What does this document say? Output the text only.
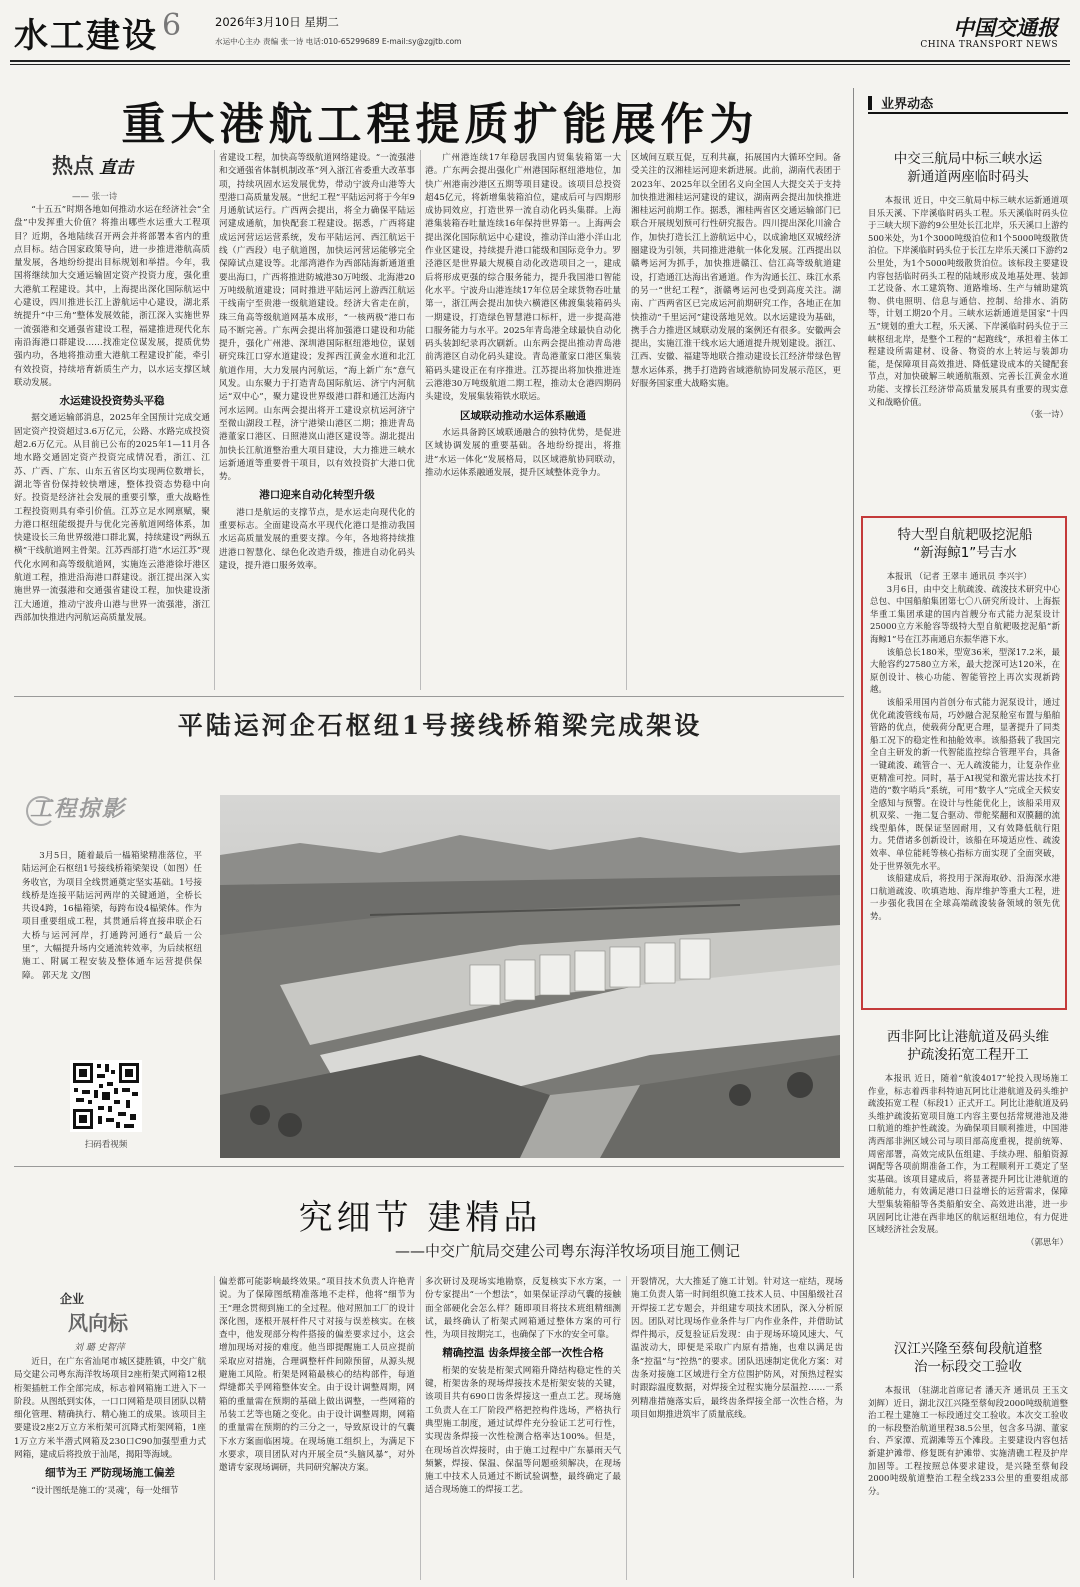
水工建设 6	2026年3月10日 星期二
水运中心主办 责编 张一诗 电话:010-65299689 E-mail:sy@zgjtb.com
中国交通报
CHINA TRANSPORT NEWS
重大港航工程提质扩能展作为
热点 直击
—— 张一诗

“十五五”时期各地如何推动水运在经济社会“全盘”中发挥重大价值？将推出哪些水运重大工程项目？近期，各地陆续召开两会并将部署本省内的重点目标。结合国家政策导向，进一步推进港航高质量发展，各地纷纷提出目标规划和举措。今年，我国将继续加大交通运输固定资产投资力度，强化重大港航工程建设。其中，上海提出深化国际航运中心建设，四川推进长江上游航运中心建设，湖北系统提升“中三角”整体发展效能，浙江深入实施世界一流强港和交通强省建设工程，福建推进现代化东南沿海港口群建设……找准定位谋发展，提质优势强内功，各地将推动重大港航工程建设扩能，牵引有效投资，持续培育新质生产力，以水运支撑区域联动发展。

水运建设投资势头平稳

据交通运输部消息，2025年全国预计完成交通固定资产投资超过3.6万亿元，公路、水路完成投资超2.6万亿元。从目前已公布的2025年1—11月各地水路交通固定资产投资完成情况看，浙江、江苏、广西、广东、山东五省区均实现两位数增长，湖北等省份保持较快增速，整体投资态势稳中向好。投资是经济社会发展的重要引擎，重大战略性工程投资则具有牵引价值。江苏立足水网禀赋，聚力港口枢纽能级提升与优化完善航道网络体系，加快建设长三角世界级港口群北翼，持续建设“两纵五横”干线航道网主骨架。江苏西部打造“水运江苏”现代化水网和高等级航道网，实施连云港港徐圩港区航道工程，推进沿海港口群建设。浙江提出深入实施世界一流强港和交通强省建设工程，加快建设浙江大通道，推动宁波舟山港与世界一流强港，浙江西部加快推进内河航运高质量发展。

省建设工程，加快高等级航道网络建设。“一流强港和交通强省体制机制改革”列入浙江省委重大改革事项，持续巩固水运发展优势，带动宁波舟山港等大型港口高质量发展。“世纪工程”平陆运河将于今年9月通航试运行。广西两会提出，将全力确保平陆运河建成通航，加快配套工程建设。据悉，广西将建成运河营运运营系统，发布平陆运河、西江航运干线（广西段）电子航道图，加快运河营运能够完全保障试点建设等。北部湾港作为西部陆海新通道重要出海口，广西将推进防城港30万吨级、北海港20万吨级航道建设；同时推进平陆运河上游西江航运干线南宁至贵港一级航道建设。经济大省走在前，珠三角高等级航道网基本成形，“一核两极”港口布局不断完善。广东两会提出将加强港口建设和功能提升，强化广州港、深圳港国际枢纽港地位，谋划研究珠江口穿水道建设；发挥西江黄金水道和北江航道作用，大力发展内河航运，“海上新广东”意气风发。山东聚力于打造青岛国际航运、济宁内河航运“双中心”，聚力建设世界级港口群和通江达海内河水运网。山东两会提出将开工建设京杭运河济宁至微山湖段工程，济宁港梁山港区二期；推进青岛港董家口港区、日照港岚山港区建设等。湖北提出加快长江航道整治重大项目建设，大力推进三峡水运新通道等重要骨干项目，以有效投资扩大港口优势。

港口迎来自动化转型升级

港口是航运的支撑节点，是水运走向现代化的重要标志。全面建设高水平现代化港口是推动我国水运高质量发展的重要支撑。今年，各地将持续推进港口智慧化、绿色化改造升级，推进自动化码头建设，提升港口服务效率。

广州港连续17年稳居我国内贸集装箱第一大港。广东两会提出强化广州港国际枢纽港地位，加快广州港南沙港区五期等项目建设。该项目总投资超45亿元，将新增集装箱泊位，建成后可与四期形成协同效应，打造世界一流自动化码头集群。上海港集装箱吞吐量连续16年保持世界第一。上海两会提出深化国际航运中心建设，推动洋山港小洋山北作业区建设，持续提升港口能级和国际竞争力。罗泾港区是世界最大规模自动化改造项目之一，建成后将形成更强的综合服务能力，提升我国港口智能化水平。宁波舟山港连续17年位居全球货物吞吐量第一，浙江两会提出加快六横港区佛渡集装箱码头一期建设，打造绿色智慧港口标杆，进一步提高港口服务能力与水平。2025年青岛港全球最快自动化码头装卸纪录再次刷新。山东两会提出推动青岛港前湾港区自动化码头建设。青岛港董家口港区集装箱码头建设正在有序推进。江苏提出将加快推进连云港港30万吨级航道二期工程，推动太仓港四期码头建设，发展集装箱铁水联运。

区域联动推动水运体系融通

水运具备跨区域联通融合的独特优势，是促进区域协调发展的重要基础。各地纷纷提出，将推进“水运一体化”发展格局，以区域港航协同联动，推动水运体系融通发展，提升区域整体竞争力。

区域间互联互促，互利共赢，拓展国内大循环空间。备受关注的汉湘桂运河迎来新进展。此前，湖南代表团于2023年、2025年以全团名义向全国人大提交关于支持加快推进湘桂运河建设的建议，湖南两会提出加快推进湘桂运河前期工作。据悉，湘桂两省区交通运输部门已联合开展规划预可行性研究报告。四川提出深化川渝合作，加快打造长江上游航运中心，以成渝地区双城经济圈建设为引领，共同推进港航一体化发展。江西提出以赣粤运河为抓手，加快推进赣江、信江高等级航道建设，打造通江达海出省通道。作为沟通长江、珠江水系的另一“世纪工程”，浙赣粤运河也受到高度关注。湖南、广西两省区已完成运河前期研究工作，各地正在加快推动“千里运河”建设落地见效。以水运建设为基础，携手合力推进区域联动发展的案例还有很多。安徽两会提出，实施江淮干线水运大通道提升规划建设。浙江、江西、安徽、福建等地联合推动建设长江经济带绿色智慧水运体系，携手打造跨省域港航协同发展示范区，更好服务国家重大战略实施。

业界动态
中交三航局中标三峡水运新通道两座临时码头

本报讯 近日，中交三航局中标三峡水运新通道项目乐天溪、下岸溪临时码头工程。乐天溪临时码头位于三峡大坝下游约9公里处长江北岸，乐天溪口上游约500米处，为1个3000吨级泊位和1个5000吨级散货泊位。下岸溪临时码头位于长江左岸乐天溪口下游约2公里处，为1个5000吨级散货泊位。该标段主要建设内容包括临时码头工程的陆域形成及地基处理、装卸工艺设备、水工建筑物、道路堆场、生产与辅助建筑物、供电照明、信息与通信、控制、给排水、消防等，计划工期20个月。三峡水运新通道是国家“十四五”规划的重大工程，乐天溪、下岸溪临时码头位于三峡枢纽北岸，是整个工程的“起跑线”，承担着主体工程建设所需建材、设备、物资的水上转运与装卸功能，是保障项目高效推进、降低建设成本的关键配套节点，对加快破解三峡通航瓶颈、完善长江黄金水道功能、支撑长江经济带高质量发展具有重要的现实意义和战略价值。

（张一诗）
特大型自航耙吸挖泥船
“新海鲸1”号吉水

本报讯 （记者 王翠丰 通讯员 李兴宇）

3月6日，由中交上航疏浚、疏浚技术研究中心总包、中国船舶集团第七〇八研究所设计、上海振华重工集团承建的国内首艘分布式能力泥泵设计25000立方米舱容等级特大型自航耙吸挖泥船“新海鲸1”号在江苏南通启东振华港下水。

该船总长180米，型宽36米，型深17.2米，最大舱容约27580立方米，最大挖深可达120米，在原创设计、核心功能、智能管控上再次实现新跨越。

该船采用国内首创分布式能力泥泵设计，通过优化疏浚管线布局，巧妙融合泥泵舱室布置与船舶管路的优点，使载荷分配更合理，显著提升了同类船工况下的稳定性和抽舱效率。该船搭载了我国完全自主研发的新一代智能监控综合管理平台，具备一键疏浚、疏管合一、无人疏浚能力，让复杂作业更精准可控。同时，基于AI视觉和激光雷达技术打造的“数字哨兵”系统，可用“数字人”完成全天候安全感知与预警。在设计与性能优化上，该船采用双机双桨、一拖二复合驱动、带舵桨翻和双膜翻的流线型船体，既保证坚固耐用，又有效降低航行阻力。凭借诸多创新设计，该船在环境适应性、疏浚效率、单位能耗等核心指标方面实现了全面突破，处于世界领先水平。

该船建成后，将投用于深海取砂、沿海深水港口航道疏浚、吹填造地、海岸维护等重大工程，进一步强化我国在全球高端疏浚装备领域的领先优势。

西非阿比让港航道及码头维护疏浚拓宽工程开工

本报讯 近日，随着“航浚4017”轮投入现场施工作业，标志着西非科特迪瓦阿比让港航道及码头维护疏浚拓宽工程（标段1）正式开工。阿比让港航道及码头维护疏浚拓宽项目施工内容主要包括常规港池及港口航道的维护性疏浚。为确保项目顺利推进，中国港湾西部非洲区域公司与项目部高度重视，提前统筹、周密部署，高效完成队伍组建、手续办理、船舶资源调配等各项前期准备工作，为工程顺利开工奠定了坚实基础。该项目建成后，将显著提升阿比让港航道的通航能力，有效满足港口日益增长的运营需求，保障大型集装箱船等各类船舶安全、高效进出港，进一步巩固阿比让港在西非地区的航运枢纽地位，有力促进区域经济社会发展。

（郭思年）
汉江兴隆至蔡甸段航道整治一标段交工验收

本报讯 （驻湖北首席记者 潘天齐 通讯员 王玉文 刘辉）近日，湖北汉江兴隆至蔡甸段2000吨级航道整治工程土建施工一标段通过交工验收。本次交工验收的一标段整治航道里程38.5公里，包含多马湖、董家台、芦家潭、荒湖滩等五个滩段。主要建设内容包括新建护滩带、修复既有护滩带、实施清礁工程及护岸加固等。工程按照总体要求建设，是兴隆至蔡甸段2000吨级航道整治工程全线233公里的重要组成部分。

平陆运河企石枢纽1号接线桥箱梁完成架设
工程掠影

3月5日，随着最后一榀箱梁精准落位，平陆运河企石枢纽1号接线桥箱梁架设（如图）任务收官，为项目全线贯通奠定坚实基础。1号接线桥是连接平陆运河两岸的关键通道，全桥长共设4跨，16榀箱梁，每跨布设4榀梁体。作为项目重要组成工程，其贯通后将直接串联企石大桥与运河河岸，打通跨河通行“最后一公里”，大幅提升场内交通流转效率，为后续枢纽施工、附属工程安装及整体通车运营提供保障。 郭天龙 文/图

扫码看视频
究细节 建精品
——中交广航局交建公司粤东海洋牧场项目施工侧记
企业
风向标
刘 璐 史智萍

近日，在广东省汕尾市城区捷胜镇，中交广航局交建公司粤东海洋牧场项目2座桁架式网箱12根桁架插桩工作全部完成，标志着网箱施工进入下一阶段。从图纸到实体，一口口网箱是项目团队以精细化管理、精确执行、精心施工的成果。该项目主要建设2座2万立方米桁架可沉降式桁架网箱，1座1万立方米半潜式网箱及230口C90加强型重力式网箱，建成后将投放于汕尾，揭阳等海域。

细节为王 严防现场施工偏差

“设计图纸是施工的‘灵魂’，每一处细节

偏差都可能影响最终效果。”项目技术负责人许艳青说。为了保障图纸精准落地不走样，他将“细节为王”理念贯彻到施工的全过程。他对照加工厂的设计深化图，逐根开展杆件尺寸对接与误差核实。在核查中，他发现部分构件搭接的偏差要求过小，这会增加现场对接的难度。他当即提醒施工人员应提前采取应对措施，合理调整杆件间隙预留，从源头规避施工风险。桁架是网箱最核心的结构部件，每道焊缝都关乎网箱整体安全。由于设计调整周期，网箱的重量需在预期的基础上做出调整，一些网箱的吊装工艺等也随之变化。由于设计调整周期，网箱的重量需在预期的约三分之一，导致原设计的气囊下水方案面临困境。在现场施工组织上，为满足下水要求，项目团队对内开展全员“头脑风暴”，对外邀请专家现场调研，共同研究解决方案。

多次研讨及现场实地勘察，反复核实下水方案，一份专家提出“一个想法”，如果保证浮动气囊的接触面全部硬化会怎么样？随即项目将技术班组精细测试，最终确认了桁架式网箱通过整体方案的可行性，为项目按期完工，也确保了下水的安全可靠。

精确控温 齿条焊接全部一次性合格

桁架的安装是桁架式网箱升降结构稳定性的关键，桁架齿条的现场焊接技术是桁架安装的关键，该项目共有690口齿条焊接这一重点工艺。现场施工负责人在工厂阶段严格把控构件选场，严格执行典型施工制度，通过试焊件充分验证工艺可行性，实现齿条焊接一次性检测合格率达100%。但是，在现场首次焊接时，由于施工过程中广东暴雨天气频繁，焊接、保温、保温等问题亟须解决，在现场施工中技术人员通过不断试验调整，最终确定了最适合现场施工的焊接工艺。

开裂情况，大大推延了施工计划。针对这一症结，现场施工负责人第一时间组织施工技术人员、中国船级社召开焊接工艺专题会，并组建专项技术团队，深入分析原因。团队对比现场作业条件与厂内作业条件，并借助试焊件揭示，反复验证后发现：由于现场环境风速大、气温波动大，即便是采取广内原有措施，也难以满足齿条“控温”与“控热”的要求。团队迅速制定优化方案：对齿条对接施工区域进行全方位围护防风，对预热过程实时跟踪温度数据，对焊接全过程实施分层温控……一系列精准措施落实后，最终齿条焊接全部一次性合格，为项目如期推进筑牢了质量底线。
